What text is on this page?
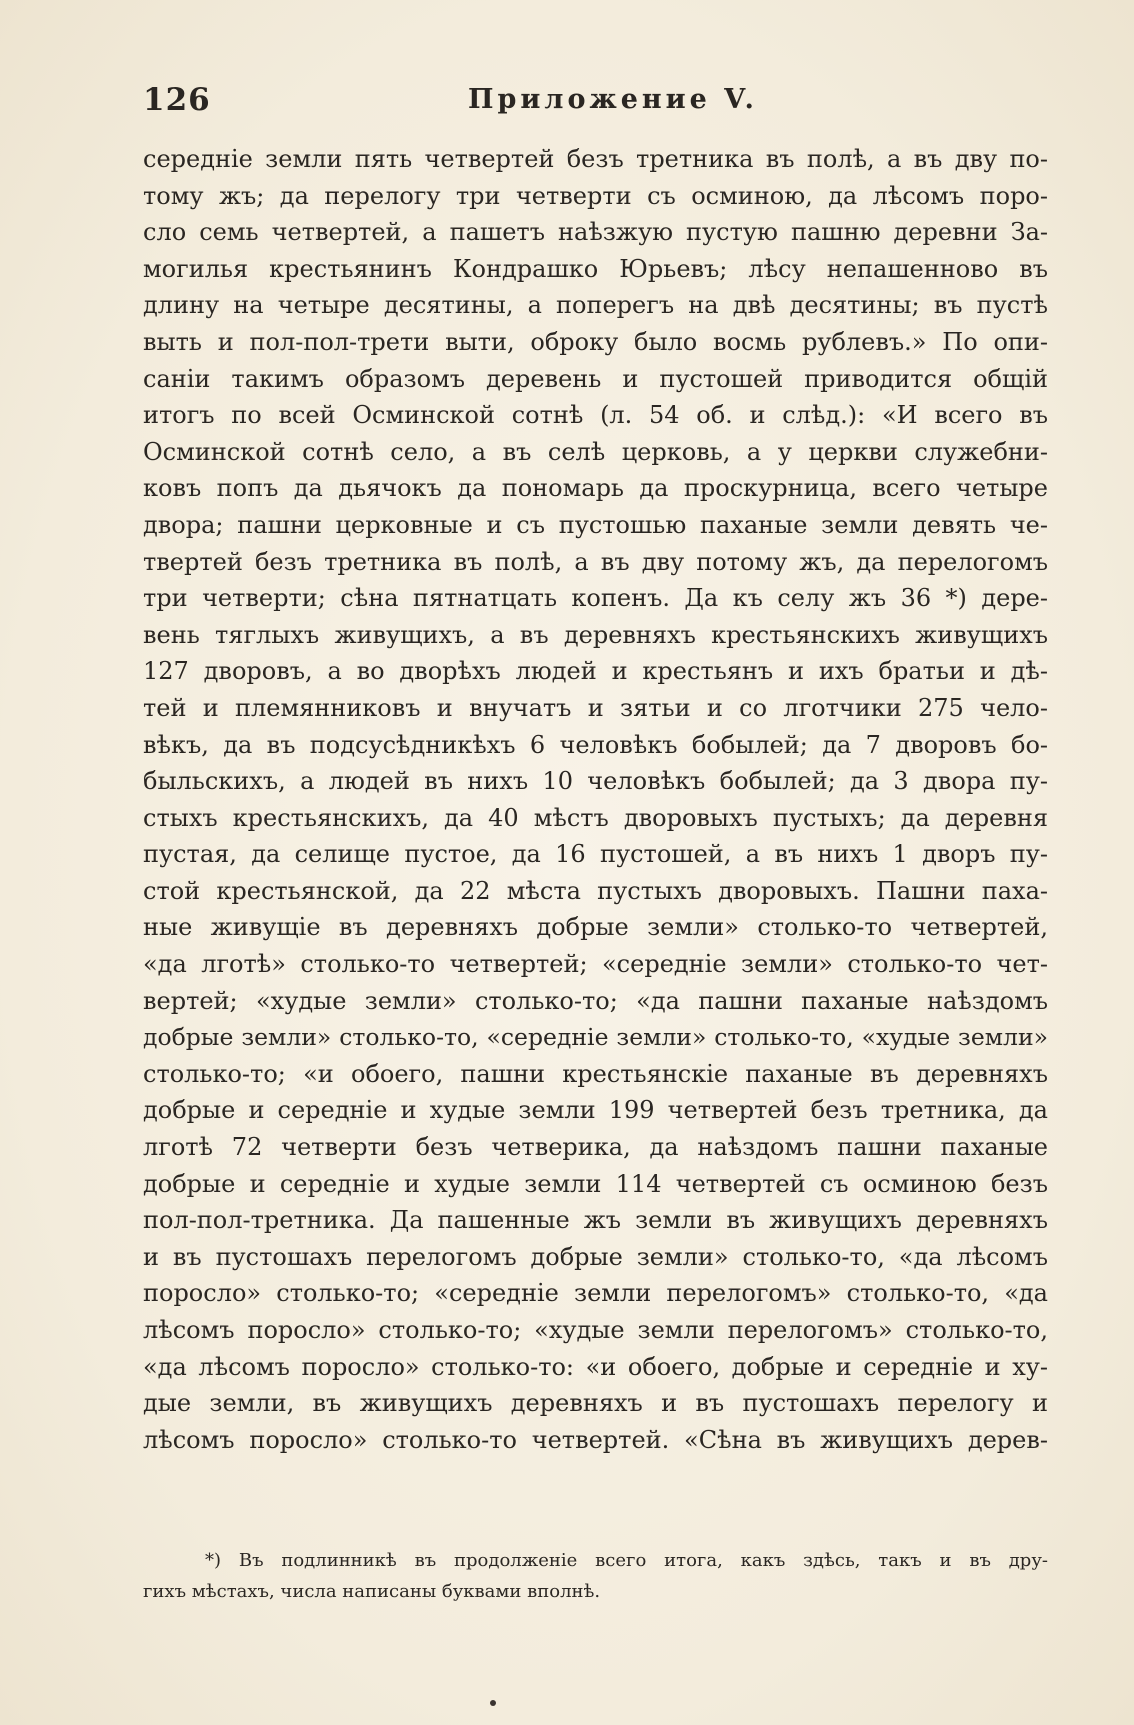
126	Приложение V.
середніе земли пять четвертей безъ третника въ полѣ, а въ дву по-
тому жъ; да перелогу три четверти съ осминою, да лѣсомъ поро-
сло семь четвертей, а пашетъ наѣзжую пустую пашню деревни За-
могилья крестьянинъ Кондрашко Юрьевъ; лѣсу непашенново въ
длину на четыре десятины, а поперегъ на двѣ десятины; въ пустѣ
выть и пол-пол-трети выти, оброку было восмь рублевъ.» По опи-
саніи такимъ образомъ деревень и пустошей приводится общій
итогъ по всей Осминской сотнѣ (л. 54 об. и слѣд.): «И всего въ
Осминской сотнѣ село, а въ селѣ церковь, а у церкви служебни-
ковъ попъ да дьячокъ да пономарь да проскурница, всего четыре
двора; пашни церковные и съ пустошью паханые земли девять че-
твертей безъ третника въ полѣ, а въ дву потому жъ, да перелогомъ
три четверти; сѣна пятнатцать копенъ. Да къ селу жъ 36 *) дере-
вень тяглыхъ живущихъ, а въ деревняхъ крестьянскихъ живущихъ
127 дворовъ, а во дворѣхъ людей и крестьянъ и ихъ братьи и дѣ-
тей и племянниковъ и внучатъ и зятьи и со лготчики 275 чело-
вѣкъ, да въ подсусѣдникѣхъ 6 человѣкъ бобылей; да 7 дворовъ бо-
быльскихъ, а людей въ нихъ 10 человѣкъ бобылей; да 3 двора пу-
стыхъ крестьянскихъ, да 40 мѣстъ дворовыхъ пустыхъ; да деревня
пустая, да селище пустое, да 16 пустошей, а въ нихъ 1 дворъ пу-
стой крестьянской, да 22 мѣста пустыхъ дворовыхъ. Пашни паха-
ные живущіе въ деревняхъ добрые земли» столько-то четвертей,
«да лготѣ» столько-то четвертей; «середніе земли» столько-то чет-
вертей; «худые земли» столько-то; «да пашни паханые наѣздомъ
добрые земли» столько-то, «середніе земли» столько-то, «худые земли»
столько-то; «и обоего, пашни крестьянскіе паханые въ деревняхъ
добрые и середніе и худые земли 199 четвертей безъ третника, да
лготѣ 72 четверти безъ четверика, да наѣздомъ пашни паханые
добрые и середніе и худые земли 114 четвертей съ осминою безъ
пол-пол-третника. Да пашенные жъ земли въ живущихъ деревняхъ
и въ пустошахъ перелогомъ добрые земли» столько-то, «да лѣсомъ
поросло» столько-то; «середніе земли перелогомъ» столько-то, «да
лѣсомъ поросло» столько-то; «худые земли перелогомъ» столько-то,
«да лѣсомъ поросло» столько-то: «и обоего, добрые и середніе и ху-
дые земли, въ живущихъ деревняхъ и въ пустошахъ перелогу и
лѣсомъ поросло» столько-то четвертей. «Сѣна въ живущихъ дерев-
*) Въ подлинникѣ въ продолженіе всего итога, какъ здѣсь, такъ и въ дру-
гихъ мѣстахъ, числа написаны буквами вполнѣ.
